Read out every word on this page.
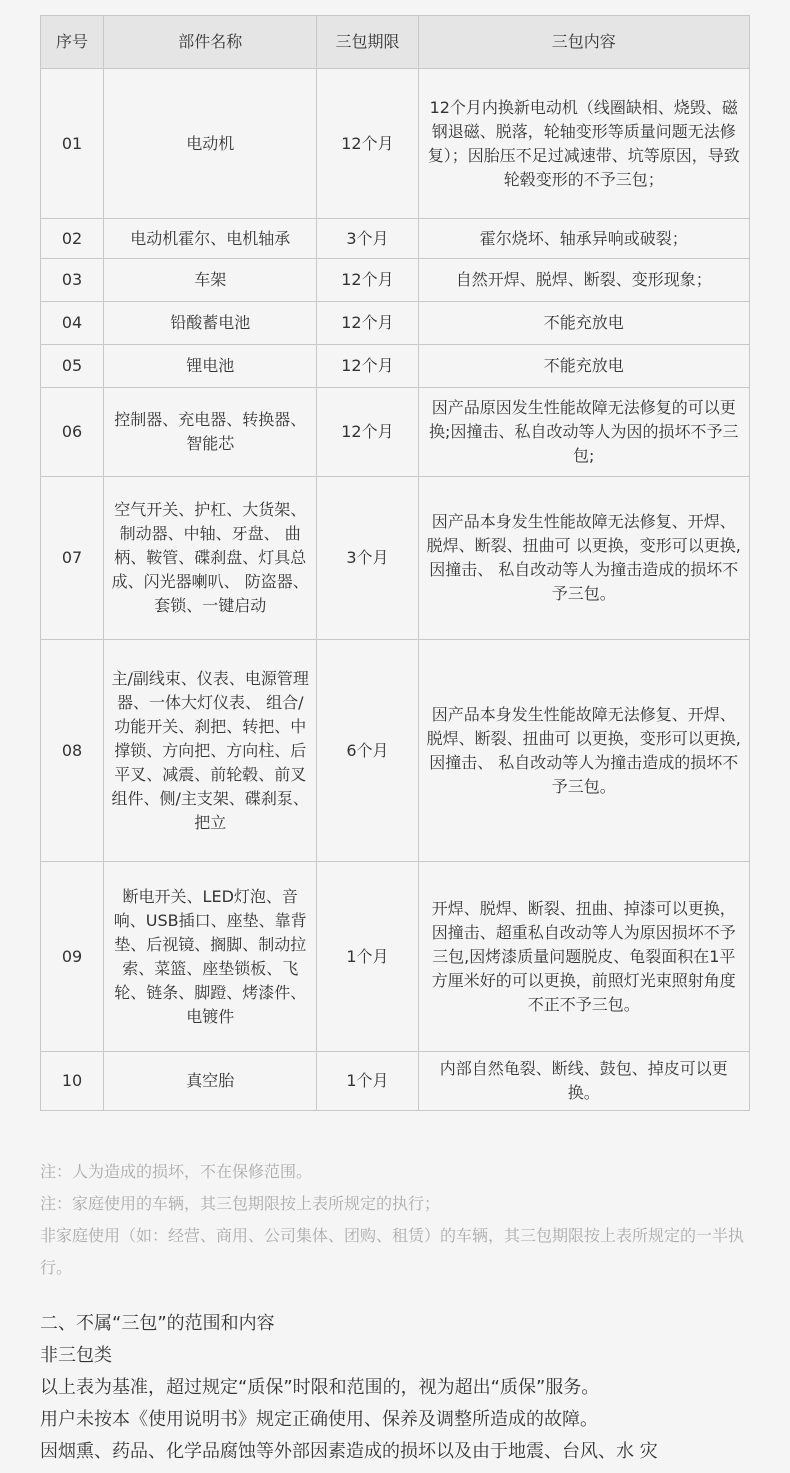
序号	部件名称	三包期限	三包内容
01	电动机	12个月	12个月内换新电动机（线圈缺相、烧毁、磁钢退磁、脱落，轮轴变形等质量问题无法修复）；因胎压不足过减速带、坑等原因，导致轮毂变形的不予三包；
02	电动机霍尔、电机轴承	3个月	霍尔烧坏、轴承异响或破裂；
03	车架	12个月	自然开焊、脱焊、断裂、变形现象；
04	铅酸蓄电池	12个月	不能充放电
05	锂电池	12个月	不能充放电
06	控制器、充电器、转换器、智能芯	12个月	因产品原因发生性能故障无法修复的可以更换;因撞击、私自改动等人为因的损坏不予三包;
07	空气开关、护杠、大货架、制动器、中轴、牙盘、 曲柄、鞍管、碟刹盘、灯具总成、闪光器喇叭、 防盗器、套锁、一键启动	3个月	因产品本身发生性能故障无法修复、开焊、脱焊、断裂、扭曲可 以更换，变形可以更换,因撞击、 私自改动等人为撞击造成的损坏不予三包。
08	主/副线束、仪表、电源管理器、一体大灯仪表、 组合/功能开关、刹把、转把、中撑锁、方向把、方向柱、后平叉、减震、前轮毂、前叉组件、侧/主支架、碟刹泵、把立	6个月	因产品本身发生性能故障无法修复、开焊、脱焊、断裂、扭曲可 以更换，变形可以更换,因撞击、 私自改动等人为撞击造成的损坏不予三包。
09	断电开关、LED灯泡、音响、USB插口、座垫、靠背垫、后视镜、搁脚、制动拉索、菜篮、座垫锁板、飞轮、链条、脚蹬、烤漆件、电镀件	1个月	开焊、脱焊、断裂、扭曲、掉漆可以更换，因撞击、超重私自改动等人为原因损坏不予三包,因烤漆质量问题脱皮、龟裂面积在1平方厘米好的可以更换，前照灯光束照射角度不正不予三包。
10	真空胎	1个月	内部自然龟裂、断线、鼓包、掉皮可以更换。

注：人为造成的损坏，不在保修范围。

注：家庭使用的车辆，其三包期限按上表所规定的执行；

非家庭使用（如：经营、商用、公司集体、团购、租赁）的车辆，其三包期限按上表所规定的一半执行。

二、不属“三包”的范围和内容

非三包类

以上表为基准，超过规定“质保”时限和范围的，视为超出“质保”服务。

用户未按本《使用说明书》规定正确使用、保养及调整所造成的故障。

因烟熏、药品、化学品腐蚀等外部因素造成的损坏以及由于地震、台风、水 灾
